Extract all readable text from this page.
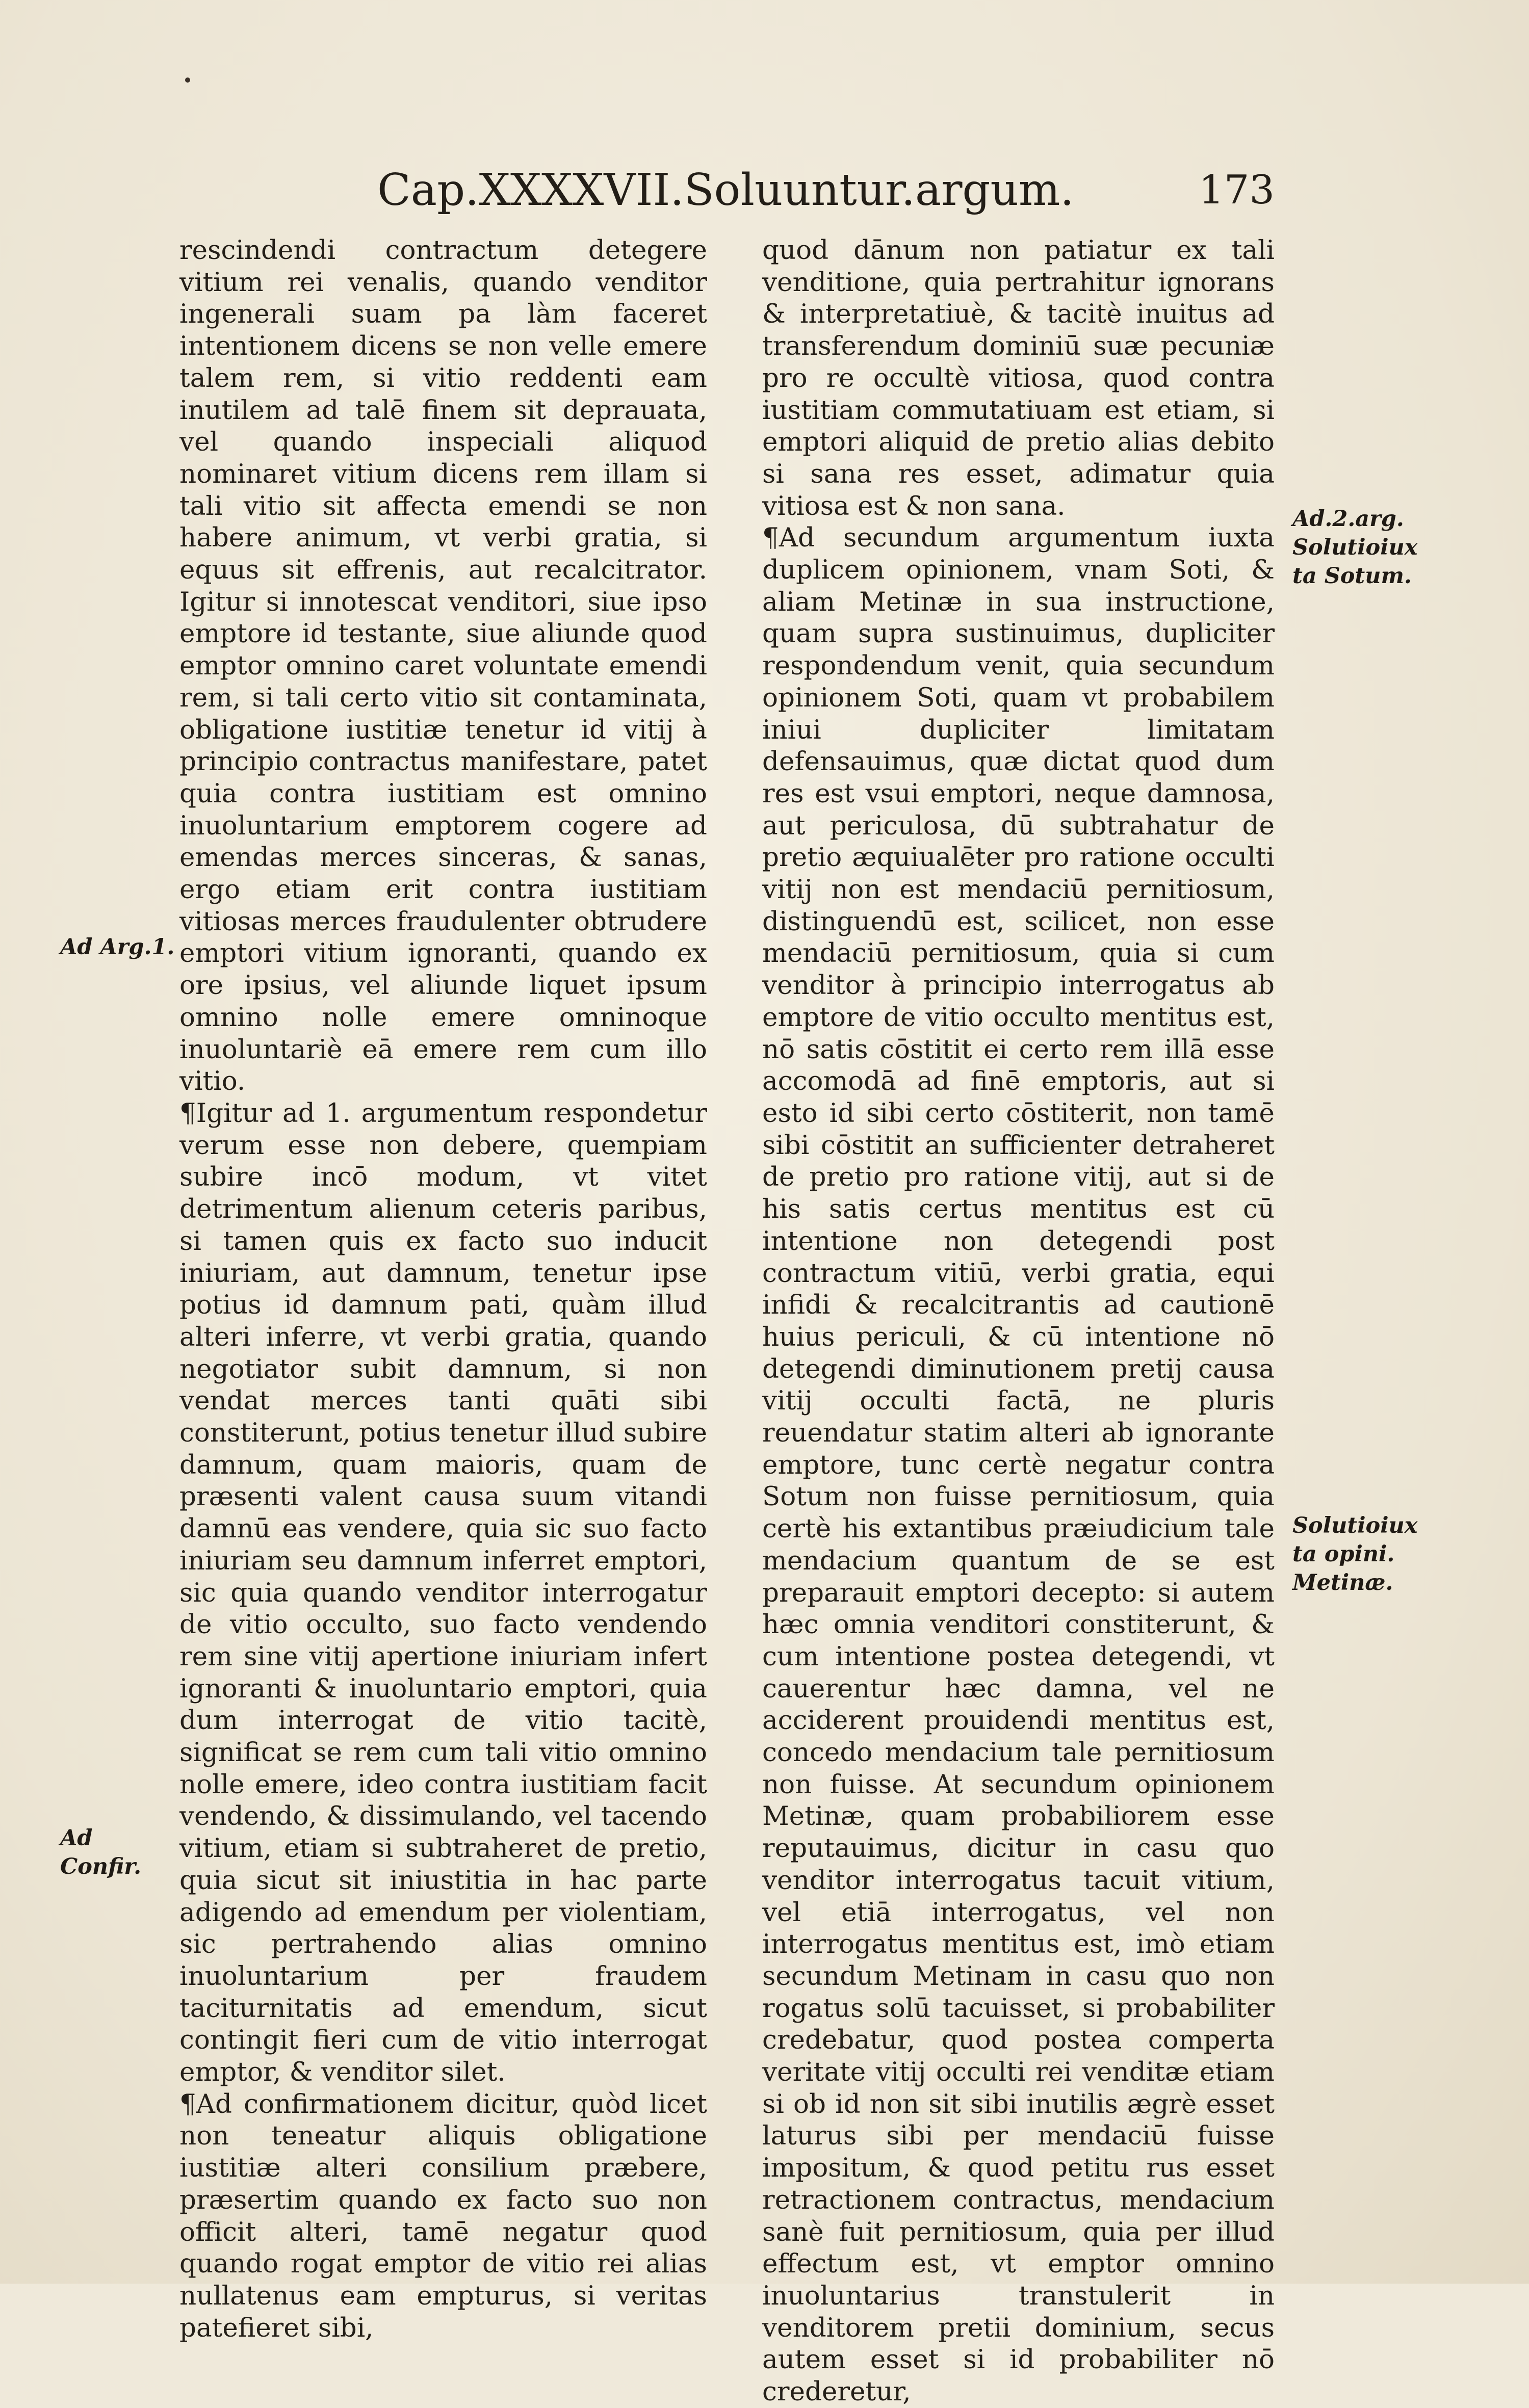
Cap.XXXXVII.Soluuntur.argum.	173

rescindendi contractum detegere vitium rei venalis, quando venditor ingenerali suam pa làm faceret intentionem dicens se non velle emere talem rem, si vitio reddenti eam inutilem ad talē finem sit deprauata, vel quando inspeciali aliquod nominaret vitium dicens rem illam si tali vitio sit affecta emendi se non habere animum, vt verbi gratia, si equus sit effrenis, aut recalcitrator. Igitur si innotescat venditori, siue ipso emptore id testante, siue aliunde quod emptor omnino caret voluntate emendi rem, si tali certo vitio sit contaminata, obligatione iustitiæ tenetur id vitij à principio contractus manifestare, patet quia contra iustitiam est omnino inuoluntarium emptorem cogere ad emendas merces sinceras, & sanas, ergo etiam erit contra iustitiam vitiosas merces fraudulenter obtrudere emptori vitium ignoranti, quando ex ore ipsius, vel aliunde liquet ipsum omnino nolle emere omninoque inuoluntariè eā emere rem cum illo vitio.

¶Igitur ad 1. argumentum respondetur verum esse non debere, quempiam subire incō modum, vt vitet detrimentum alienum ceteris paribus, si tamen quis ex facto suo inducit iniuriam, aut damnum, tenetur ipse potius id damnum pati, quàm illud alteri inferre, vt verbi gratia, quando negotiator subit damnum, si non vendat merces tanti quāti sibi constiterunt, potius tenetur illud subire damnum, quam maioris, quam de præsenti valent causa suum vitandi damnū eas vendere, quia sic suo facto iniuriam seu damnum inferret emptori, sic quia quando venditor interrogatur de vitio occulto, suo facto vendendo rem sine vitij apertione iniuriam infert ignoranti & inuoluntario emptori, quia dum interrogat de vitio tacitè, significat se rem cum tali vitio omnino nolle emere, ideo contra iustitiam facit vendendo, & dissimulando, vel tacendo vitium, etiam si subtraheret de pretio, quia sicut sit iniustitia in hac parte adigendo ad emendum per violentiam, sic pertrahendo alias omnino inuoluntarium per fraudem taciturnitatis ad emendum, sicut contingit fieri cum de vitio interrogat emptor, & venditor silet.

¶Ad confirmationem dicitur, quòd licet non teneatur aliquis obligatione iustitiæ alteri consilium præbere, præsertim quando ex facto suo non officit alteri, tamē negatur quod quando rogat emptor de vitio rei alias nullatenus eam empturus, si veritas patefieret sibi,

quod dānum non patiatur ex tali venditione, quia pertrahitur ignorans & interpretatiuè, & tacitè inuitus ad transferendum dominiū suæ pecuniæ pro re occultè vitiosa, quod contra iustitiam commutatiuam est etiam, si emptori aliquid de pretio alias debito si sana res esset, adimatur quia vitiosa est & non sana.

¶Ad secundum argumentum iuxta duplicem opinionem, vnam Soti, & aliam Metinæ in sua instructione, quam supra sustinuimus, dupliciter respondendum venit, quia secundum opinionem Soti, quam vt probabilem iniui dupliciter limitatam defensauimus, quæ dictat quod dum res est vsui emptori, neque damnosa, aut periculosa, dū subtrahatur de pretio æquiualēter pro ratione occulti vitij non est mendaciū pernitiosum, distinguendū est, scilicet, non esse mendaciū pernitiosum, quia si cum venditor à principio interrogatus ab emptore de vitio occulto mentitus est, nō satis cōstitit ei certo rem illā esse accomodā ad finē emptoris, aut si esto id sibi certo cōstiterit, non tamē sibi cōstitit an sufficienter detraheret de pretio pro ratione vitij, aut si de his satis certus mentitus est cū intentione non detegendi post contractum vitiū, verbi gratia, equi infidi & recalcitrantis ad cautionē huius periculi, & cū intentione nō detegendi diminutionem pretij causa vitij occulti factā, ne pluris reuendatur statim alteri ab ignorante emptore, tunc certè negatur contra Sotum non fuisse pernitiosum, quia certè his extantibus præiudicium tale mendacium quantum de se est preparauit emptori decepto: si autem hæc omnia venditori constiterunt, & cum intentione postea detegendi, vt cauerentur hæc damna, vel ne acciderent prouidendi mentitus est, concedo mendacium tale pernitiosum non fuisse. At secundum opinionem Metinæ, quam probabiliorem esse reputauimus, dicitur in casu quo venditor interrogatus tacuit vitium, vel etiā interrogatus, vel non interrogatus mentitus est, imò etiam secundum Metinam in casu quo non rogatus solū tacuisset, si probabiliter credebatur, quod postea comperta veritate vitij occulti rei venditæ etiam si ob id non sit sibi inutilis ægrè esset laturus sibi per mendaciū fuisse impositum, & quod petitu rus esset retractionem contractus, mendacium sanè fuit pernitiosum, quia per illud effectum est, vt emptor omnino inuoluntarius transtulerit in venditorem pretii dominium, secus autem esset si id probabiliter nō crederetur,

Ad Arg.1.
Ad Confir.
Ad.2.arg. Solutioiux ta Sotum.
Solutioiux ta opini. Metinæ.
